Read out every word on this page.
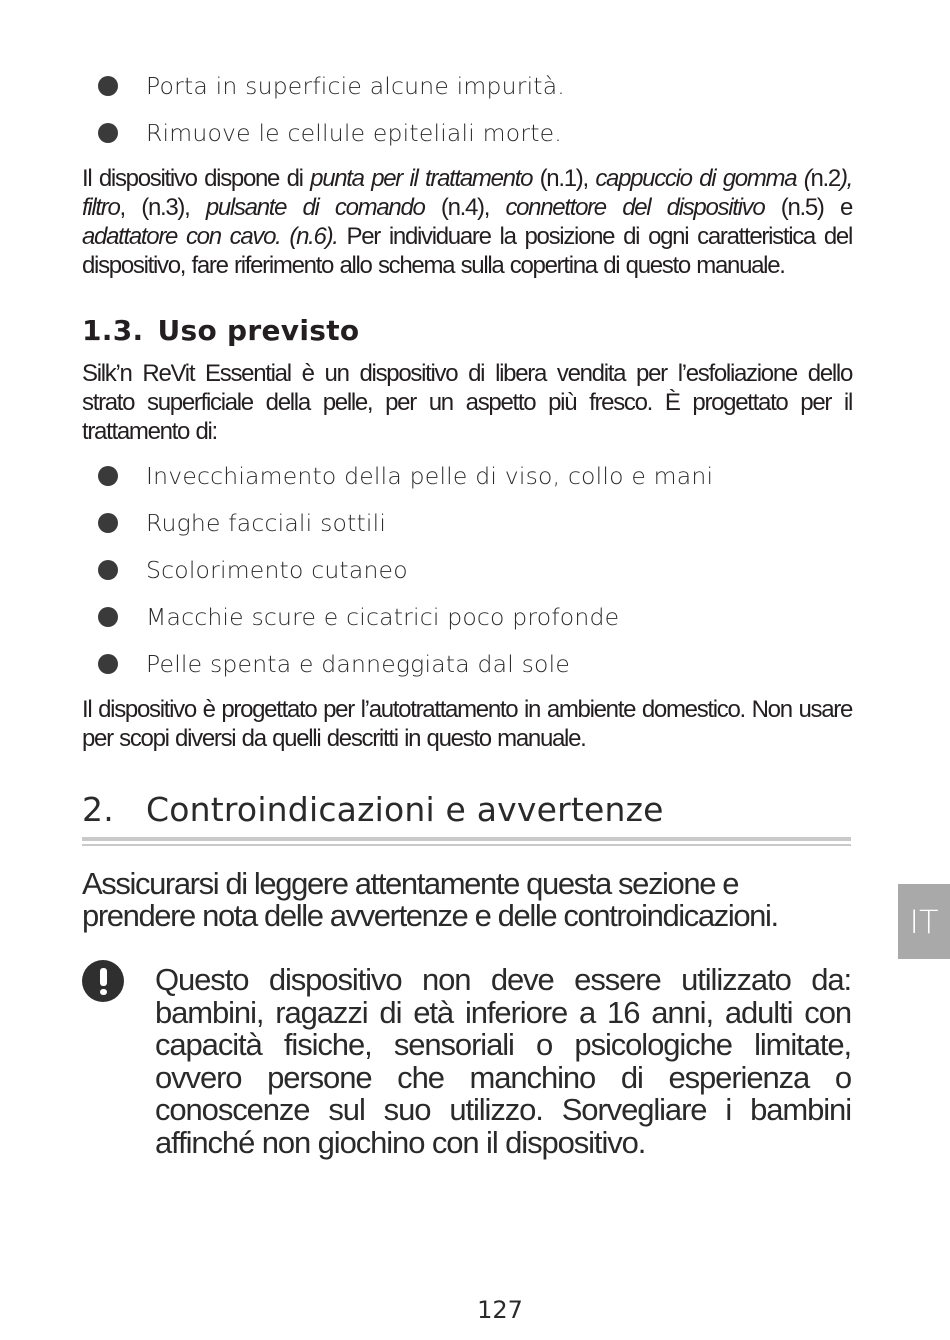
Porta in superficie alcune impurità.
Rimuove le cellule epiteliali morte.

Il dispositivo dispone di punta per il trattamento (n.1), cappuccio di gomma (n.2), filtro, (n.3), pulsante di comando (n.4), connettore del dispositivo (n.5) e adattatore con cavo. (n.6). Per individuare la posizione di ogni caratteristica del dispositivo, fare riferimento allo schema sulla copertina di questo manuale.

1.3. Uso previsto

Silk’n ReVit Essential è un dispositivo di libera vendita per l’esfoliazione dello strato superficiale della pelle, per un aspetto più fresco. È progettato per il trattamento di:

Invecchiamento della pelle di viso, collo e mani
Rughe facciali sottili
Scolorimento cutaneo
Macchie scure e cicatrici poco profonde
Pelle spenta e danneggiata dal sole

Il dispositivo è progettato per l’autotrattamento in ambiente domestico. Non usare per scopi diversi da quelli descritti in questo manuale.

2. Controindicazioni e avvertenze

Assicurarsi di leggere attentamente questa sezione e prendere nota delle avvertenze e delle controindicazioni.

Questo dispositivo non deve essere utilizzato da: bambini, ragazzi di età inferiore a 16 anni, adulti con capacità fisiche, sensoriali o psicologiche limitate, ovvero persone che manchino di esperienza o conoscenze sul suo utilizzo. Sorvegliare i bambini affinché non giochino con il dispositivo.

IT
127
